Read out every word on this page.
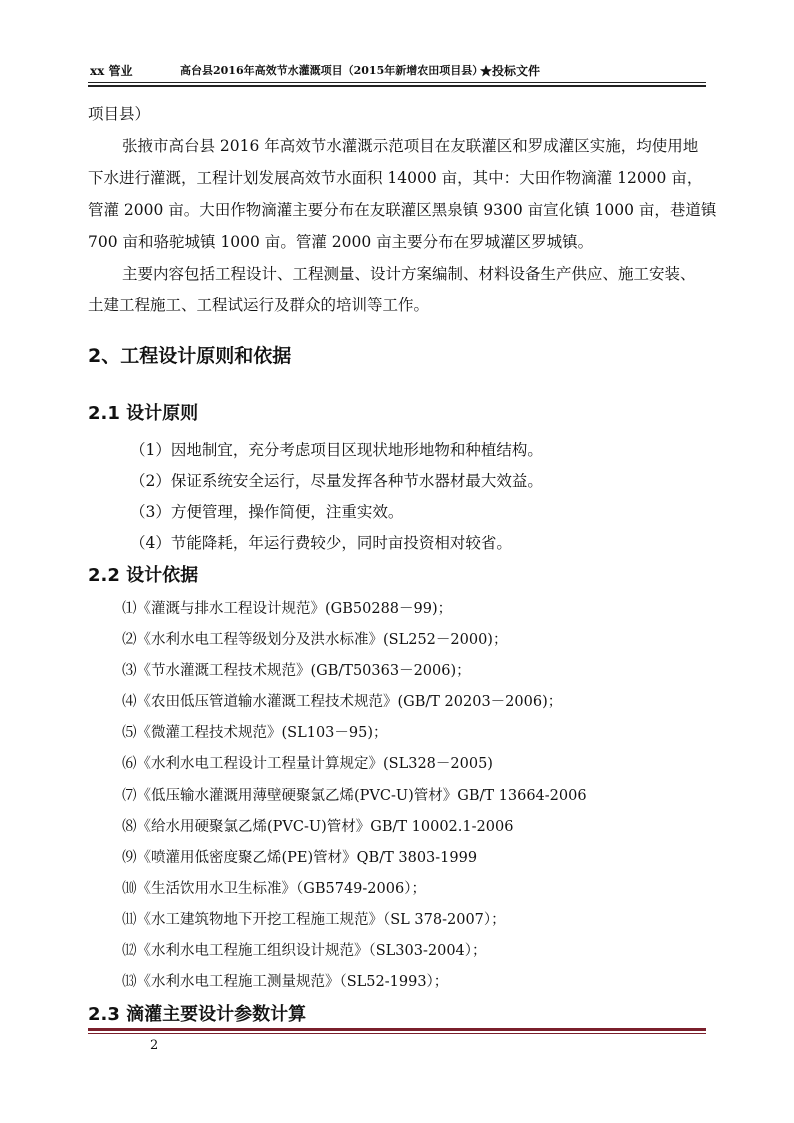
xx 管业	高台县2016年高效节水灌溉项目（2015年新增农田项目县）
★投标文件
项目县）
张掖市高台县 2016 年高效节水灌溉示范项目在友联灌区和罗成灌区实施，均使用地
下水进行灌溉，工程计划发展高效节水面积 14000 亩，其中：大田作物滴灌 12000 亩，
管灌 2000 亩。大田作物滴灌主要分布在友联灌区黑泉镇 9300 亩宣化镇 1000 亩，巷道镇
700 亩和骆驼城镇 1000 亩。管灌 2000 亩主要分布在罗城灌区罗城镇。
主要内容包括工程设计、工程测量、设计方案编制、材料设备生产供应、施工安装、
土建工程施工、工程试运行及群众的培训等工作。
2、工程设计原则和依据
2.1 设计原则
（1）因地制宜，充分考虑项目区现状地形地物和种植结构。
（2）保证系统安全运行，尽量发挥各种节水器材最大效益。
（3）方便管理，操作简便，注重实效。
（4）节能降耗，年运行费较少，同时亩投资相对较省。
2.2 设计依据
⑴《灌溉与排水工程设计规范》(GB50288－99)；
⑵《水利水电工程等级划分及洪水标准》(SL252－2000)；
⑶《节水灌溉工程技术规范》(GB/T50363－2006)；
⑷《农田低压管道输水灌溉工程技术规范》(GB/T 20203－2006)；
⑸《微灌工程技术规范》(SL103－95)；
⑹《水利水电工程设计工程量计算规定》(SL328－2005)
⑺《低压输水灌溉用薄壁硬聚氯乙烯(PVC-U)管材》GB/T 13664-2006
⑻《给水用硬聚氯乙烯(PVC-U)管材》GB/T 10002.1-2006
⑼《喷灌用低密度聚乙烯(PE)管材》QB/T 3803-1999
⑽《生活饮用水卫生标准》（GB5749-2006）；
⑾《水工建筑物地下开挖工程施工规范》（SL 378-2007）；
⑿《水利水电工程施工组织设计规范》（SL303-2004）；
⒀《水利水电工程施工测量规范》（SL52-1993）；
2.3 滴灌主要设计参数计算
2
